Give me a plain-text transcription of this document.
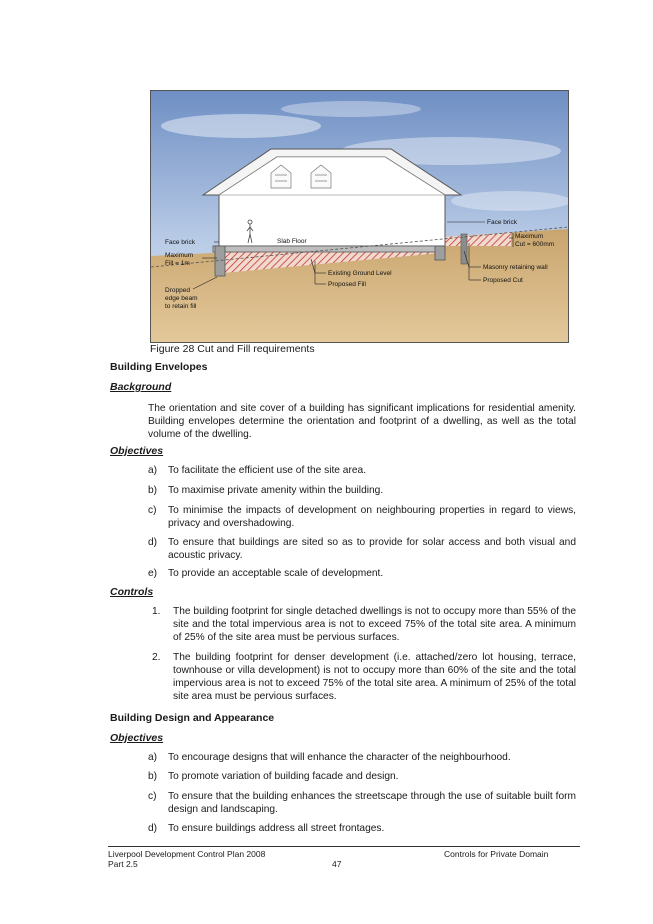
Face brick
Maximum
Fill = 1m
Dropped
edge beam
to retain fill
Slab Floor
Existing Ground Level
Proposed Fill
Face brick
Maximum
Cut = 600mm
Masonry retaining wall
Proposed Cut
Figure 28 Cut and Fill requirements
Building Envelopes
Background
The orientation and site cover of a building has significant implications for residential amenity. Building envelopes determine the orientation and footprint of a dwelling, as well as the total volume of the dwelling.
Objectives
a)	To facilitate the efficient use of the site area.
b)	To maximise private amenity within the building.
c)	To minimise the impacts of development on neighbouring properties in regard to views, privacy and overshadowing.
d)	To ensure that buildings are sited so as to provide for solar access and both visual and acoustic privacy.
e)	To provide an acceptable scale of development.
Controls
1.	The building footprint for single detached dwellings is not to occupy more than 55% of the site and the total impervious area is not to exceed 75% of the total site area. A minimum of 25% of the site area must be pervious surfaces.
2.	The building footprint for denser development (i.e. attached/zero lot housing, terrace, townhouse or villa development) is not to occupy more than 60% of the site and the total impervious area is not to exceed 75% of the total site area. A minimum of 25% of the total site area must be pervious surfaces.
Building Design and Appearance
Objectives
a)	To encourage designs that will enhance the character of the neighbourhood.
b)	To promote variation of building facade and design.
c)	To ensure that the building enhances the streetscape through the use of suitable built form design and landscaping.
d)	To ensure buildings address all street frontages.
Liverpool Development Control Plan 2008
Part 2.5	47
Controls for Private Domain
